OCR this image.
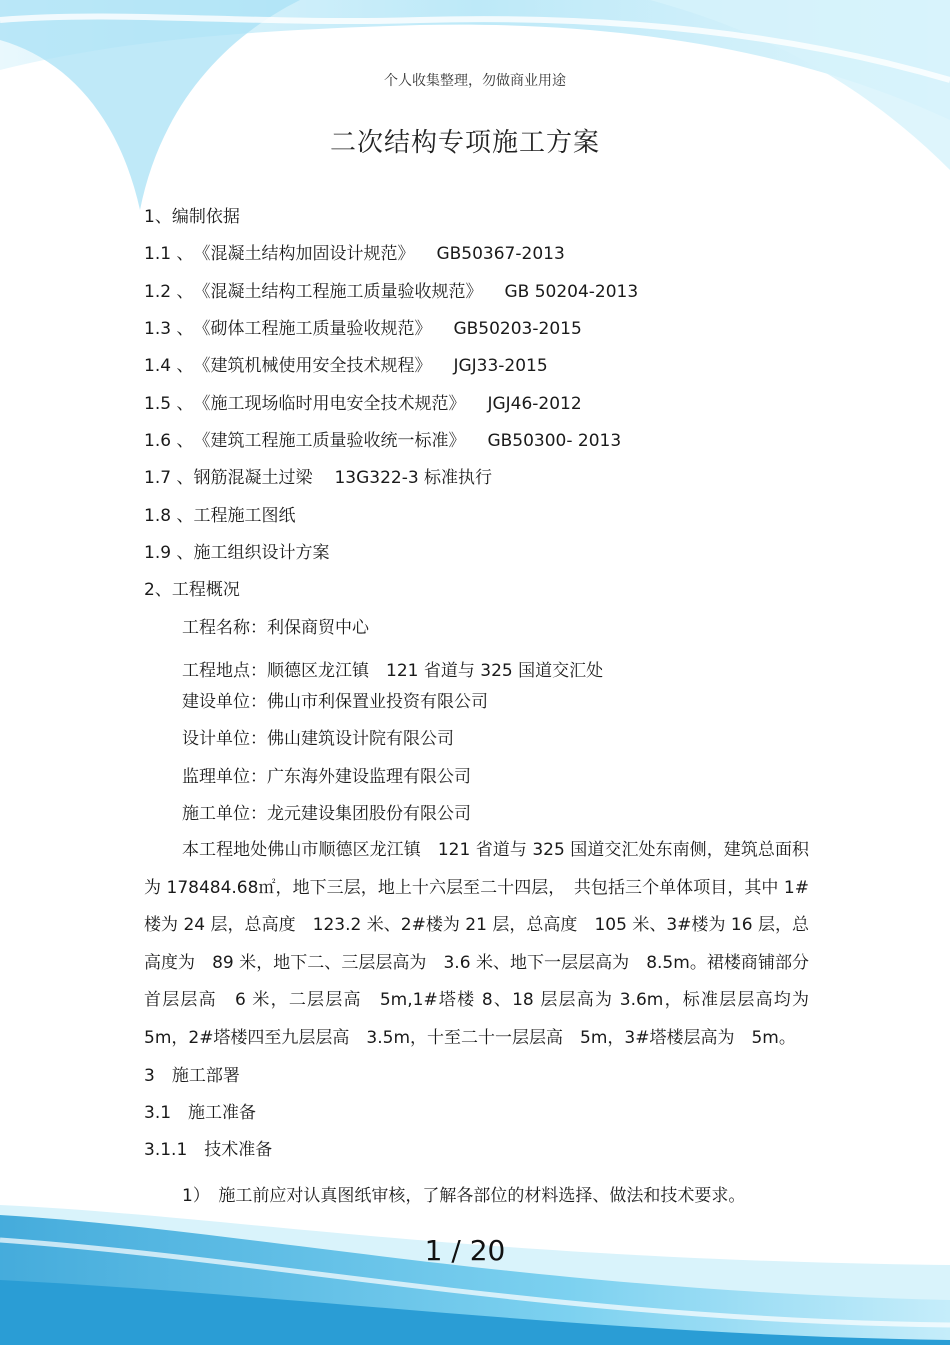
个人收集整理，勿做商业用途
二次结构专项施工方案
1、编制依据
1.1 、《混凝土结构加固设计规范》 GB50367-2013
1.2 、《混凝土结构工程施工质量验收规范》 GB 50204-2013
1.3 、《砌体工程施工质量验收规范》 GB50203-2015
1.4 、《建筑机械使用安全技术规程》 JGJ33-2015
1.5 、《施工现场临时用电安全技术规范》 JGJ46-2012
1.6 、《建筑工程施工质量验收统一标准》 GB50300- 2013
1.7 、钢筋混凝土过梁 13G322-3 标准执行
1.8 、工程施工图纸
1.9 、施工组织设计方案
2、工程概况
工程名称：利保商贸中心
工程地点：顺德区龙江镇　121 省道与 325 国道交汇处
建设单位：佛山市利保置业投资有限公司
设计单位：佛山建筑设计院有限公司
监理单位：广东海外建设监理有限公司
施工单位：龙元建设集团股份有限公司
本工程地处佛山市顺德区龙江镇　121 省道与 325 国道交汇处东南侧，建筑总面积为 178484.68㎡，地下三层，地上十六层至二十四层，　共包括三个单体项目，其中 1#楼为 24 层，总高度　123.2 米、2#楼为 21 层，总高度　105 米、3#楼为 16 层，总高度为　89 米，地下二、三层层高为　3.6 米、地下一层层高为　8.5m。裙楼商铺部分首层层高　6 米，二层层高　5m,1#塔楼 8、18 层层高为 3.6m，标准层层高均为 5m，2#塔楼四至九层层高　3.5m，十至二十一层层高　5m，3#塔楼层高为　5m。
3　施工部署
3.1　施工准备
3.1.1　技术准备
1）　施工前应对认真图纸审核，了解各部位的材料选择、做法和技术要求。
1 / 20
